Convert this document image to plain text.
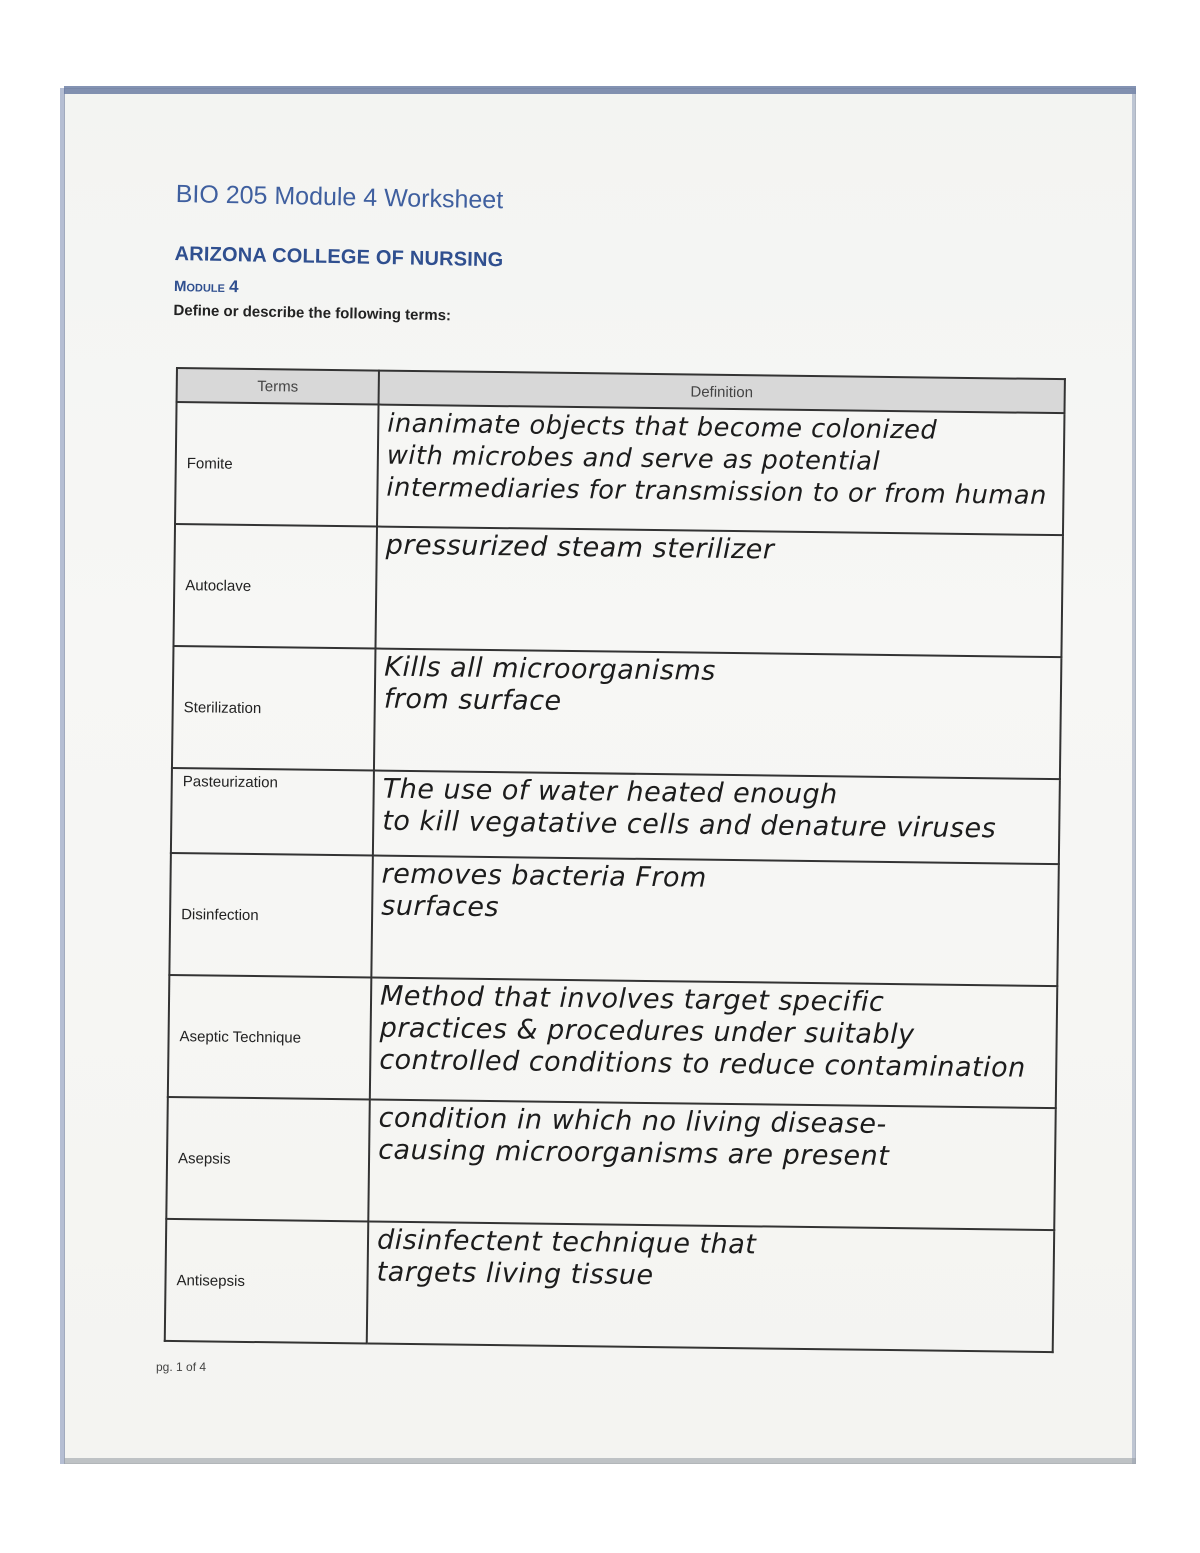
BIO 205 Module 4 Worksheet
ARIZONA COLLEGE OF NURSING
Module 4
Define or describe the following terms:
Terms	Definition
Fomite	inanimate objects that become colonized
with microbes and serve as potential
intermediaries for transmission to or from human

Autoclave	pressurized steam sterilizer

Sterilization	Kills all microorganisms
from surface

Pasteurization	The use of water heated enough
to kill vegatative cells and denature viruses

Disinfection	removes bacteria From
surfaces

Aseptic Technique	Method that involves target specific
practices & procedures under suitably
controlled conditions to reduce contamination

Asepsis	condition in which no living disease-
causing microorganisms are present

Antisepsis	disinfectent technique that
targets living tissue
pg. 1 of 4
